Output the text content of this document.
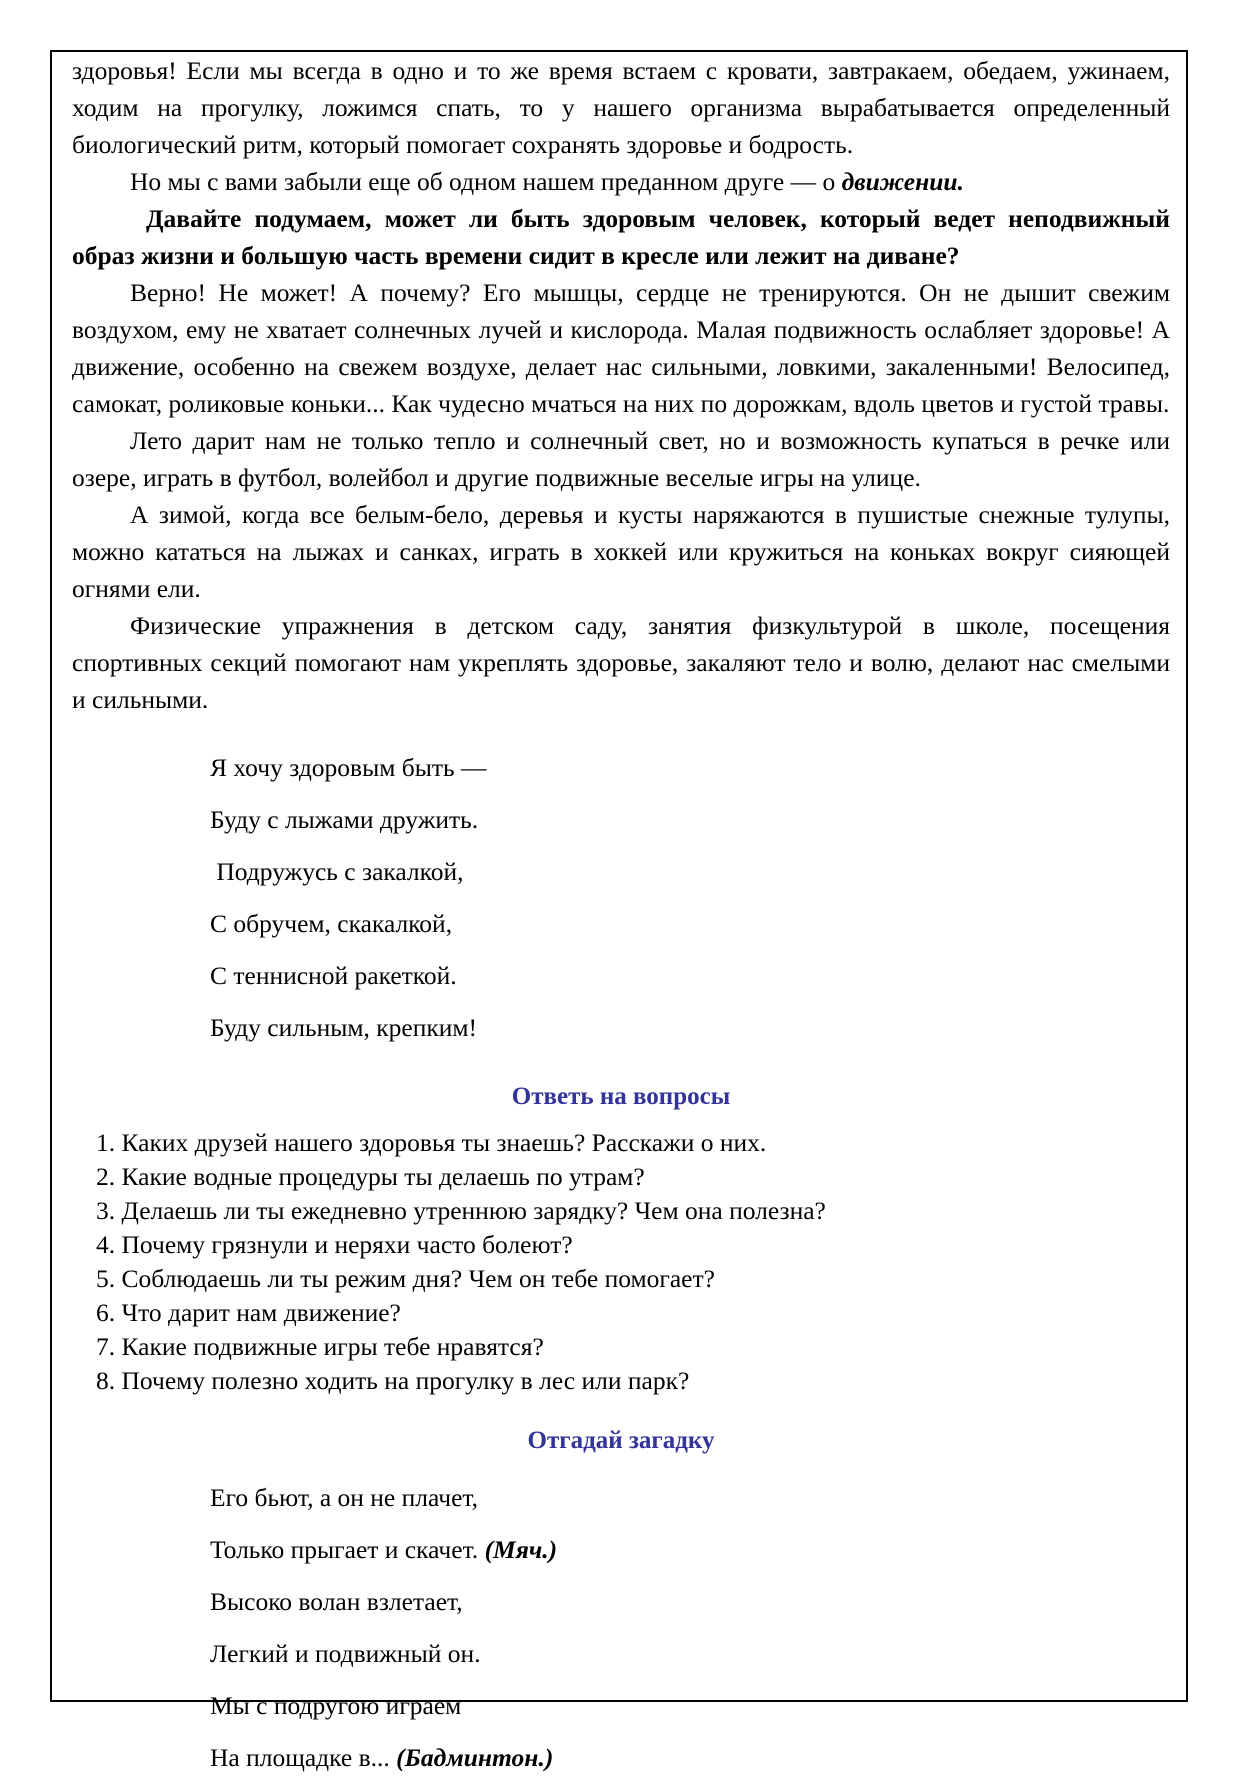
здоровья! Если мы всегда в одно и то же время встаем с кровати, завтракаем, обедаем, ужинаем, ходим на прогулку, ложимся спать, то у нашего организма вырабатывается определенный биологический ритм, который помогает сохранять здоровье и бодрость.

Но мы с вами забыли еще об одном нашем преданном друге — о движении.

Давайте подумаем, может ли быть здоровым человек, который ведет неподвижный образ жизни и большую часть времени сидит в кресле или лежит на диване?

Верно! Не может! А почему? Его мышцы, сердце не тренируются. Он не дышит свежим воздухом, ему не хватает солнечных лучей и кислорода. Малая подвижность ослабляет здоровье! А движение, особенно на свежем воздухе, делает нас сильными, ловкими, закаленными! Велосипед, самокат, роликовые коньки... Как чудесно мчаться на них по дорожкам, вдоль цветов и густой травы.

Лето дарит нам не только тепло и солнечный свет, но и возможность купаться в речке или озере, играть в футбол, волейбол и другие подвижные веселые игры на улице.

А зимой, когда все белым-бело, деревья и кусты наряжаются в пушистые снежные тулупы, можно кататься на лыжах и санках, играть в хоккей или кружиться на коньках вокруг сияющей огнями ели.

Физические упражнения в детском саду, занятия физкультурой в школе, посещения спортивных секций помогают нам укреплять здоровье, закаляют тело и волю, делают нас смелыми и сильными.

Я хочу здоровым быть —
Буду с лыжами дружить.
Подружусь с закалкой,
С обручем, скакалкой,
С теннисной ракеткой.
Буду сильным, крепким!
Ответь на вопросы
1. Каких друзей нашего здоровья ты знаешь? Расскажи о них.
2. Какие водные процедуры ты делаешь по утрам?
3. Делаешь ли ты ежедневно утреннюю зарядку? Чем она полезна?
4. Почему грязнули и неряхи часто болеют?
5. Соблюдаешь ли ты режим дня? Чем он тебе помогает?
6. Что дарит нам движение?
7. Какие подвижные игры тебе нравятся?
8. Почему полезно ходить на прогулку в лес или парк?
Отгадай загадку
Его бьют, а он не плачет,
Только прыгает и скачет. (Мяч.)
Высоко волан взлетает,
Легкий и подвижный он.
Мы с подругою играем
На площадке в... (Бадминтон.)
